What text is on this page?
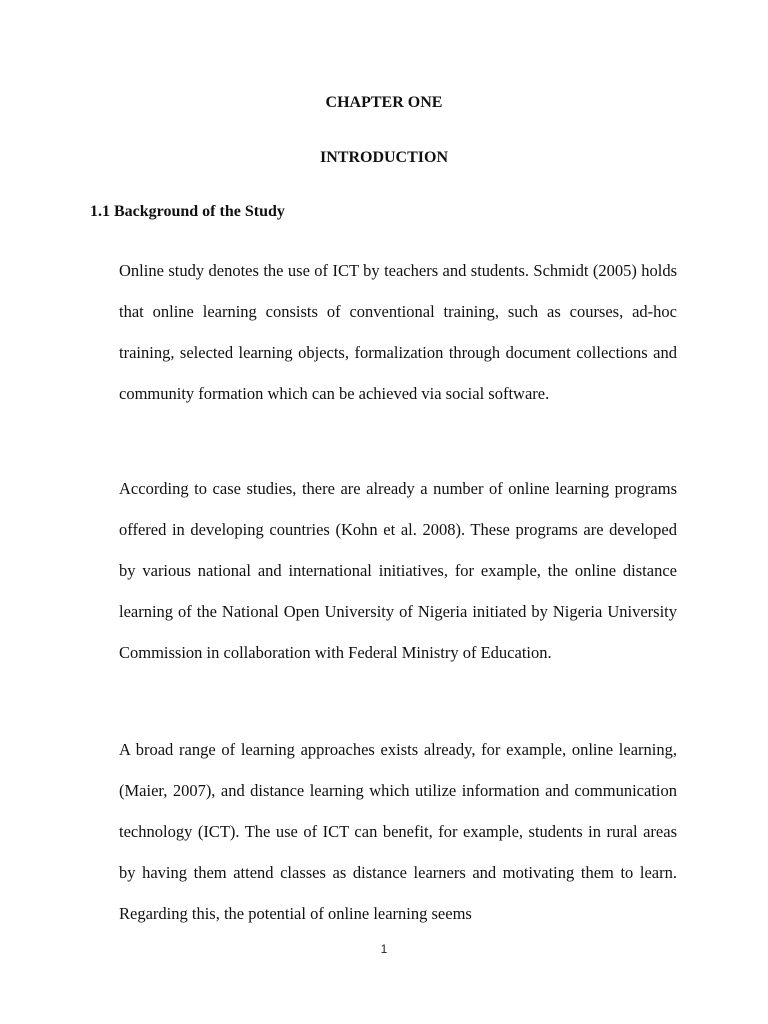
CHAPTER ONE
INTRODUCTION
1.1 Background of the Study

Online study denotes the use of ICT by teachers and students. Schmidt (2005) holds that online learning consists of conventional training, such as courses, ad-hoc training, selected learning objects, formalization through document collections and community formation which can be achieved via social software.

According to case studies, there are already a number of online learning programs offered in developing countries (Kohn et al. 2008). These programs are developed by various national and international initiatives, for example, the online distance learning of the National Open University of Nigeria initiated by Nigeria University Commission in collaboration with Federal Ministry of Education.

A broad range of learning approaches exists already, for example, online learning, (Maier, 2007), and distance learning which utilize information and communication technology (ICT). The use of ICT can benefit, for example, students in rural areas by having them attend classes as distance learners and motivating them to learn. Regarding this, the potential of online learning seems

1
